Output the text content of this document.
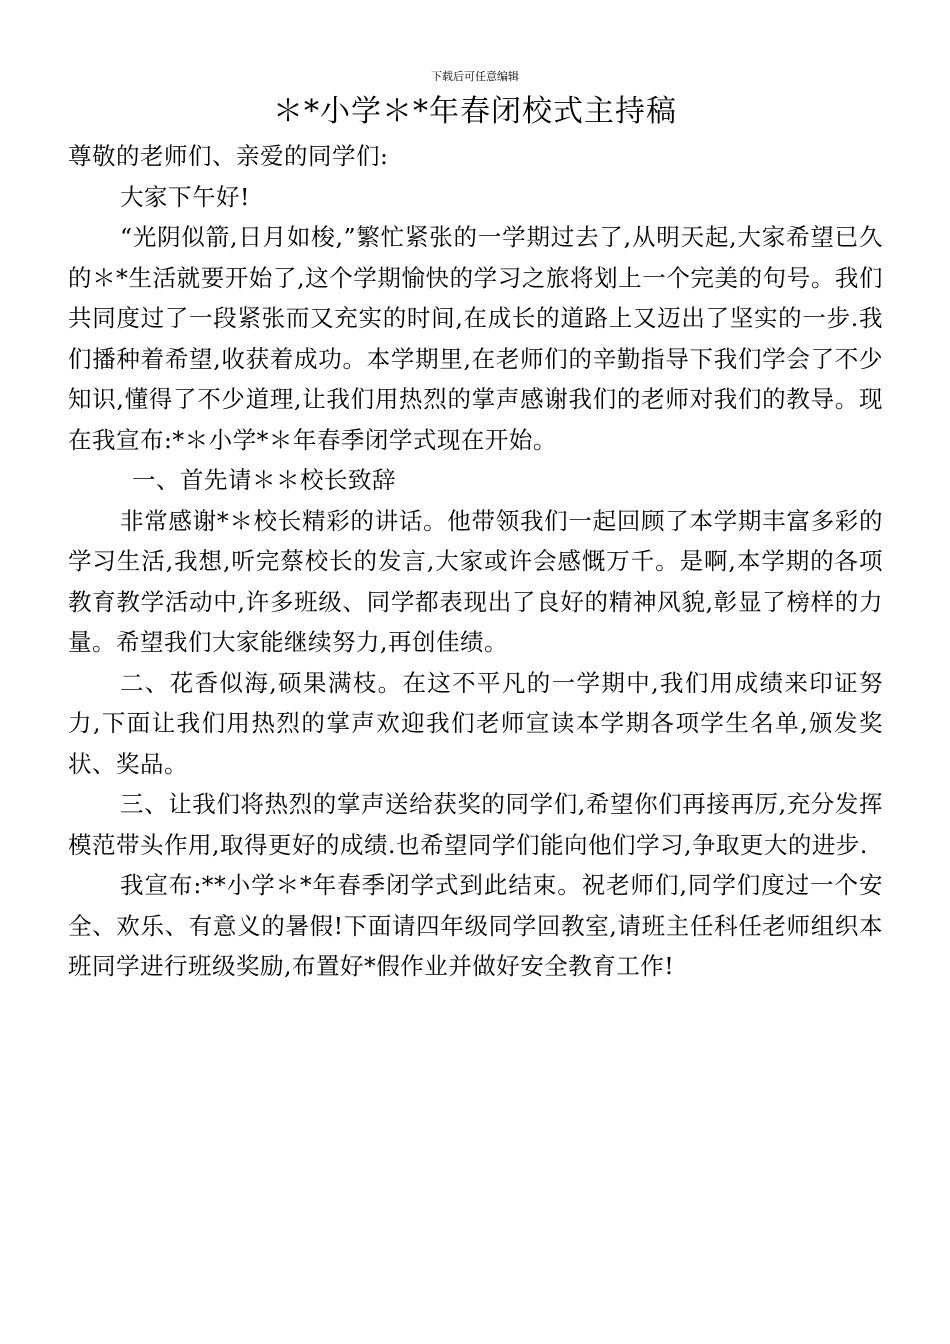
下载后可任意编辑
＊*小学＊*年春闭校式主持稿

尊敬的老师们、亲爱的同学们:

大家下午好!

“光阴似箭,日月如梭,”繁忙紧张的一学期过去了,从明天起,大家希望已久的＊*生活就要开始了,这个学期愉快的学习之旅将划上一个完美的句号。我们共同度过了一段紧张而又充实的时间,在成长的道路上又迈出了坚实的一步.我们播种着希望,收获着成功。本学期里,在老师们的辛勤指导下我们学会了不少知识,懂得了不少道理,让我们用热烈的掌声感谢我们的老师对我们的教导。现在我宣布:*＊小学*＊年春季闭学式现在开始。

一、首先请＊＊校长致辞

非常感谢*＊校长精彩的讲话。他带领我们一起回顾了本学期丰富多彩的学习生活,我想,听完蔡校长的发言,大家或许会感慨万千。是啊,本学期的各项教育教学活动中,许多班级、同学都表现出了良好的精神风貌,彰显了榜样的力量。希望我们大家能继续努力,再创佳绩。

二、花香似海,硕果满枝。在这不平凡的一学期中,我们用成绩来印证努力,下面让我们用热烈的掌声欢迎我们老师宣读本学期各项学生名单,颁发奖状、奖品。

三、让我们将热烈的掌声送给获奖的同学们,希望你们再接再厉,充分发挥模范带头作用,取得更好的成绩.也希望同学们能向他们学习,争取更大的进步.

我宣布:**小学＊*年春季闭学式到此结束。祝老师们,同学们度过一个安全、欢乐、有意义的暑假!下面请四年级同学回教室,请班主任科任老师组织本班同学进行班级奖励,布置好*假作业并做好安全教育工作!
